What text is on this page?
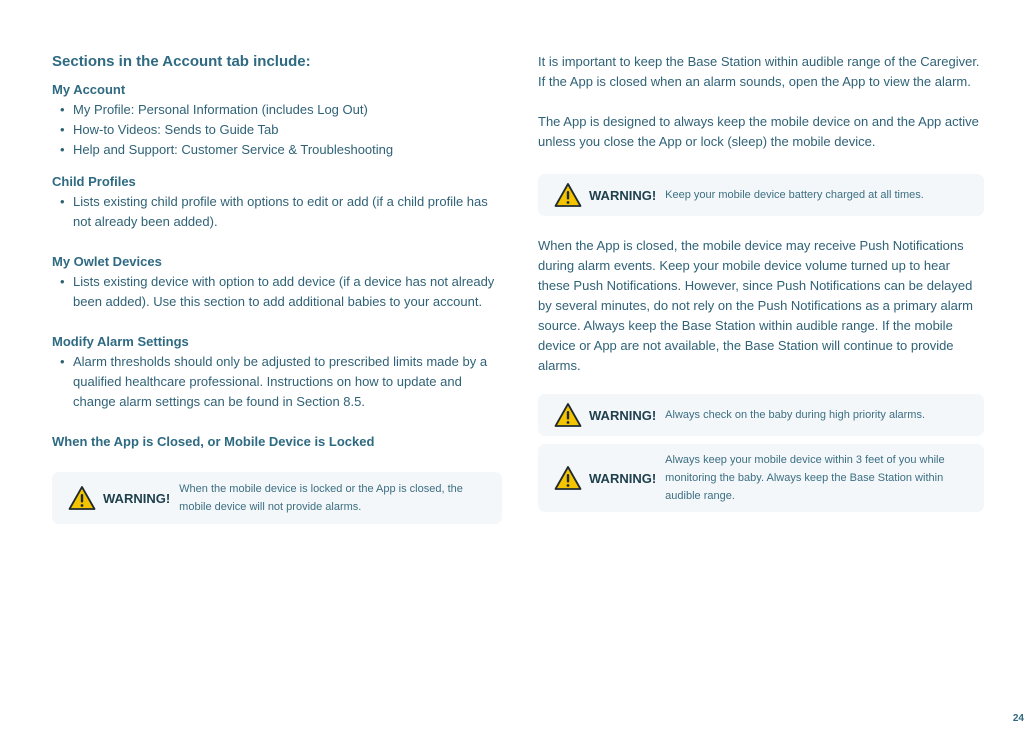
Sections in the Account tab include:
My Account
• My Profile: Personal Information (includes Log Out)
• How-to Videos: Sends to Guide Tab
• Help and Support: Customer Service & Troubleshooting
Child Profiles
• Lists existing child profile with options to edit or add (if a child profile has not already been added).
My Owlet Devices
• Lists existing device with option to add device (if a device has not already been added). Use this section to add additional babies to your account.
Modify Alarm Settings
• Alarm thresholds should only be adjusted to prescribed limits made by a qualified healthcare professional. Instructions on how to update and change alarm settings can be found in Section 8.5.
When the App is Closed, or Mobile Device is Locked
WARNING!
When the mobile device is locked or the App is closed, the mobile device will not provide alarms.

It is important to keep the Base Station within audible range of the Caregiver. If the App is closed when an alarm sounds, open the App to view the alarm.

The App is designed to always keep the mobile device on and the App active unless you close the App or lock (sleep) the mobile device.

WARNING! Keep your mobile device battery charged at all times.

When the App is closed, the mobile device may receive Push Notifications during alarm events. Keep your mobile device volume turned up to hear these Push Notifications. However, since Push Notifications can be delayed by several minutes, do not rely on the Push Notifications as a primary alarm source. Always keep the Base Station within audible range. If the mobile device or App are not available, the Base Station will continue to provide alarms.

WARNING! Always check on the baby during high priority alarms.
WARNING!
Always keep your mobile device within 3 feet of you while monitoring the baby. Always keep the Base Station within audible range.
24
